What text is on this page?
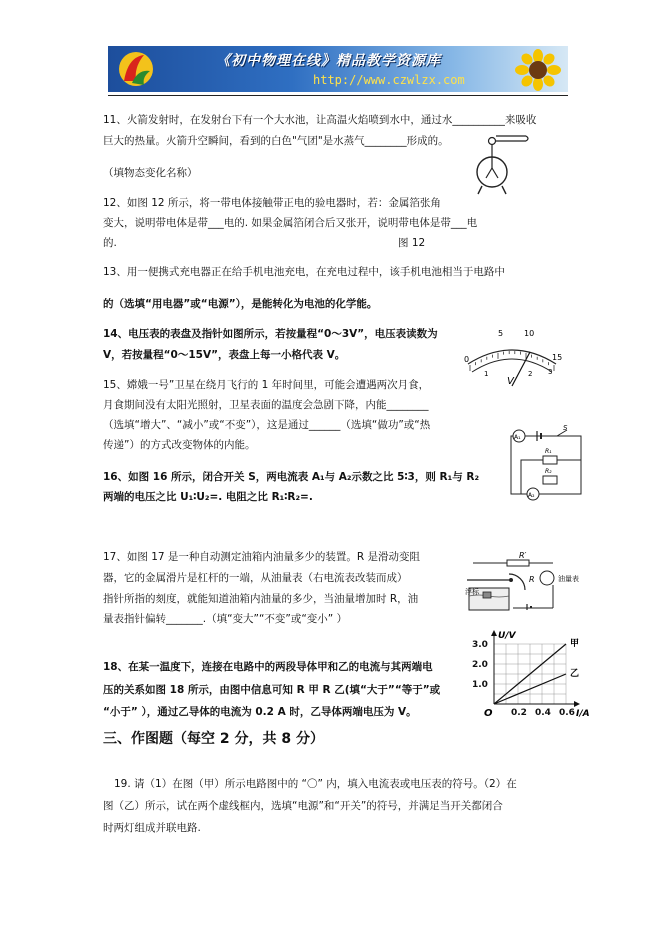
《初中物理在线》精品教学资源库
http://www.czwlzx.com
11、火箭发射时，在发射台下有一个大水池，让高温火焰喷到水中，通过水__________来吸收
巨大的热量。火箭升空瞬间，看到的白色"气团"是水蒸气________形成的。
（填物态变化名称）
12、如图 12 所示，将一带电体接触带正电的验电器时，若：金属箔张角
变大，说明带电体是带___电的. 如果金属箔闭合后又张开，说明带电体是带___电
的.	图 12
13、用一便携式充电器正在给手机电池充电，在充电过程中，该手机电池相当于电路中
的（选填“用电器”或“电源”），是能转化为电池的化学能。
14、电压表的表盘及指针如图所示，若按量程“0～3V”，电压表读数为
V，若按量程“0～15V”，表盘上每一小格代表 V。
5	10
0
1	2
15
3
V
15、嫦娥一号”卫星在绕月飞行的 1 年时间里，可能会遭遇两次月食，
月食期间没有太阳光照射，卫星表面的温度会急剧下降，内能________
（选填“增大”、“减小”或“不变”），这是通过______（选填“做功”或“热
传递”）的方式改变物体的内能。
A₁
S
R₁
R₂
A₂
16、如图 16 所示，闭合开关 S，两电流表 A₁与 A₂示数之比 5∶3，则 R₁与 R₂
两端的电压之比 U₁∶U₂=. 电阻之比 R₁∶R₂=.
17、如图 17 是一种自动测定油箱内油量多少的装置。R 是滑动变阻
器，它的金属滑片是杠杆的一端，从油量表（右电流表改装而成）
指针所指的刻度，就能知道油箱内油量的多少，当油量增加时 R，油
量表指针偏转_______.（填“变大”“不变”或“变小” ）
R′
R	油量表
浮标
甲
乙
0.2 0.4 0.6
1.0
2.0
3.0
U/V
I/A
O
18、在某一温度下，连接在电路中的两段导体甲和乙的电流与其两端电
压的关系如图 18 所示，由图中信息可知 R 甲 R 乙(填“大于”“等于”或
“小于” ），通过乙导体的电流为 0.2 A 时，乙导体两端电压为 V。
三、作图题（每空 2 分，共 8 分）
19. 请（1）在图（甲）所示电路图中的 “〇” 内，填入电流表或电压表的符号。（2）在
图（乙）所示，试在两个虚线框内，选填“电源”和“开关”的符号，并满足当开关都闭合
时两灯组成并联电路.
